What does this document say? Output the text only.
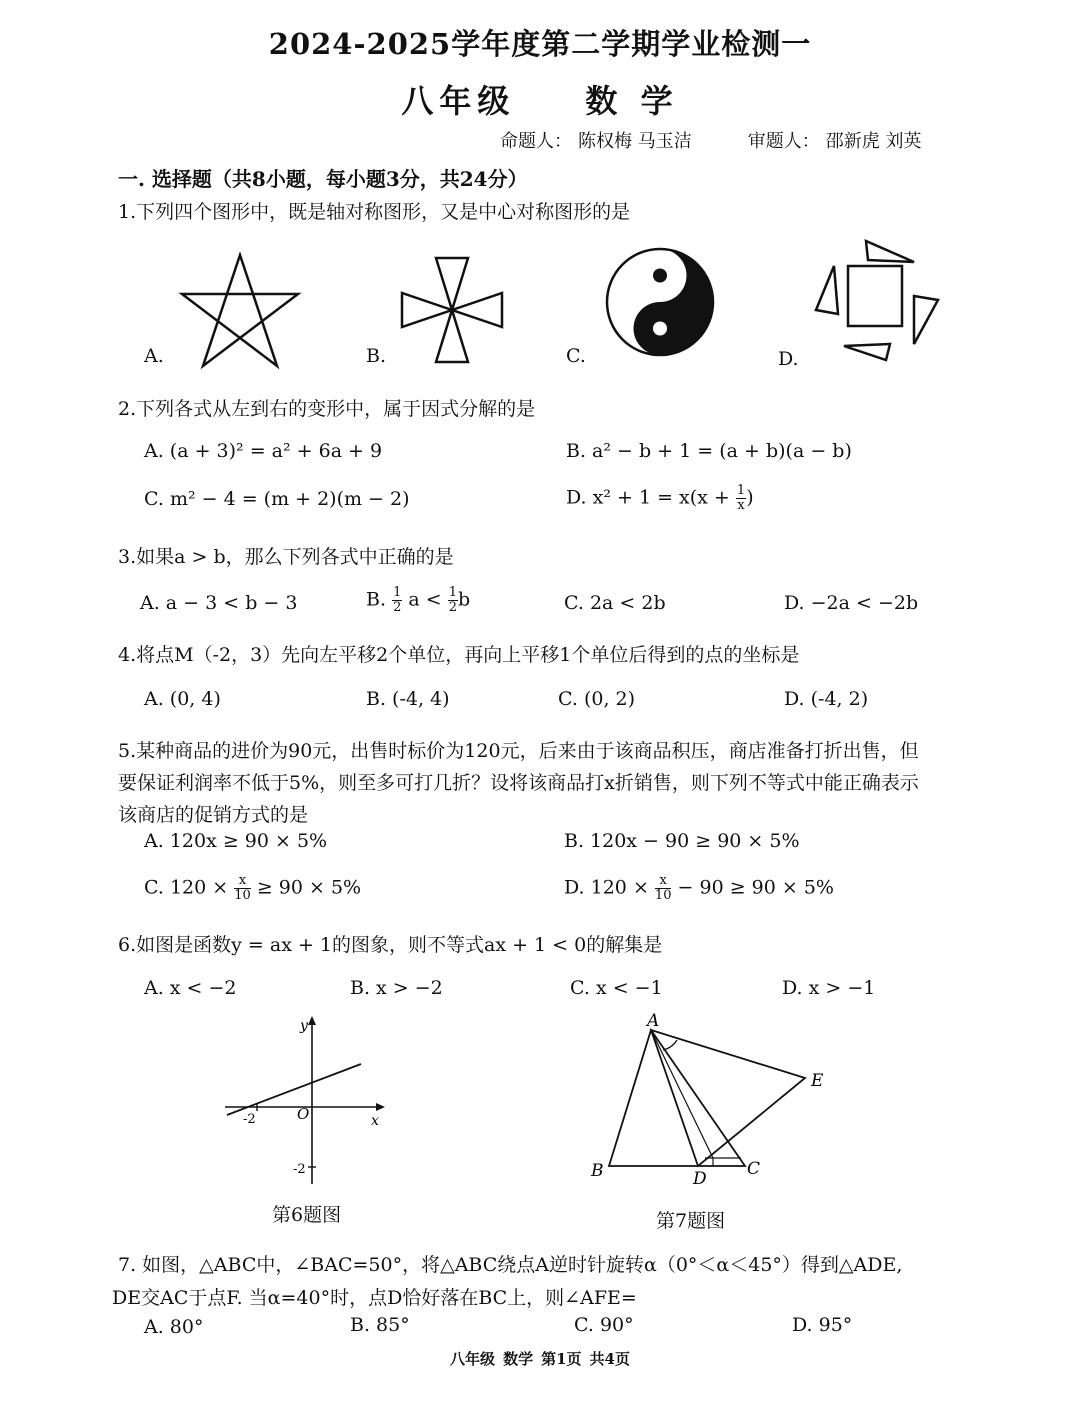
2024-2025学年度第二学期学业检测一
八年级 数 学
命题人： 陈权梅 马玉洁	审题人： 邵新虎 刘英
一. 选择题（共8小题，每小题3分，共24分）
1.下列四个图形中，既是轴对称图形，又是中心对称图形的是
A.	B.	C.	D.
2.下列各式从左到右的变形中，属于因式分解的是
A. (a + 3)² = a² + 6a + 9	B. a² − b + 1 = (a + b)(a − b)
C. m² − 4 = (m + 2)(m − 2)	D. $x^2 + 1 = x(x + \frac{1}{x}$ )
3.如果a > b，那么下列各式中正确的是
A. a − 3 < b − 3	B. $\frac{1}{2}$ $a < \frac{1}{2}$ b	C. 2a < 2b	D. −2a < −2b
4.将点M（-2，3）先向左平移2个单位，再向上平移1个单位后得到的点的坐标是
A. (0, 4)	B. (-4, 4)	C. (0, 2)	D. (-4, 2)
5.某种商品的进价为90元，出售时标价为120元，后来由于该商品积压，商店准备打折出售，但
要保证利润率不低于5%，则至多可打几折？设将该商品打x折销售，则下列不等式中能正确表示
该商店的促销方式的是
A. 120x ≥ 90 × 5%	B. 120x − 90 ≥ 90 × 5%
C. $120 \times \frac{x}{10} \ge 90 \times 5\%$	D. $120 \times \frac{x}{10} - 90 \ge 90 \times 5\%$
6.如图是函数y = ax + 1的图象，则不等式ax + 1 < 0的解集是
A. x < −2	B. x > −2	C. x < −1	D. x > −1
y
x
O
-2
-2
第6题图
A
B	C
D
E
第7题图
7. 如图，△ABC中，∠BAC=50°，将△ABC绕点A逆时针旋转α（0°＜α＜45°）得到△ADE,
DE交AC于点F. 当α=40°时，点D恰好落在BC上，则∠AFE=
A. 80°	B. 85°	C. 90°	D. 95°
八年级 数学 第1页 共4页
